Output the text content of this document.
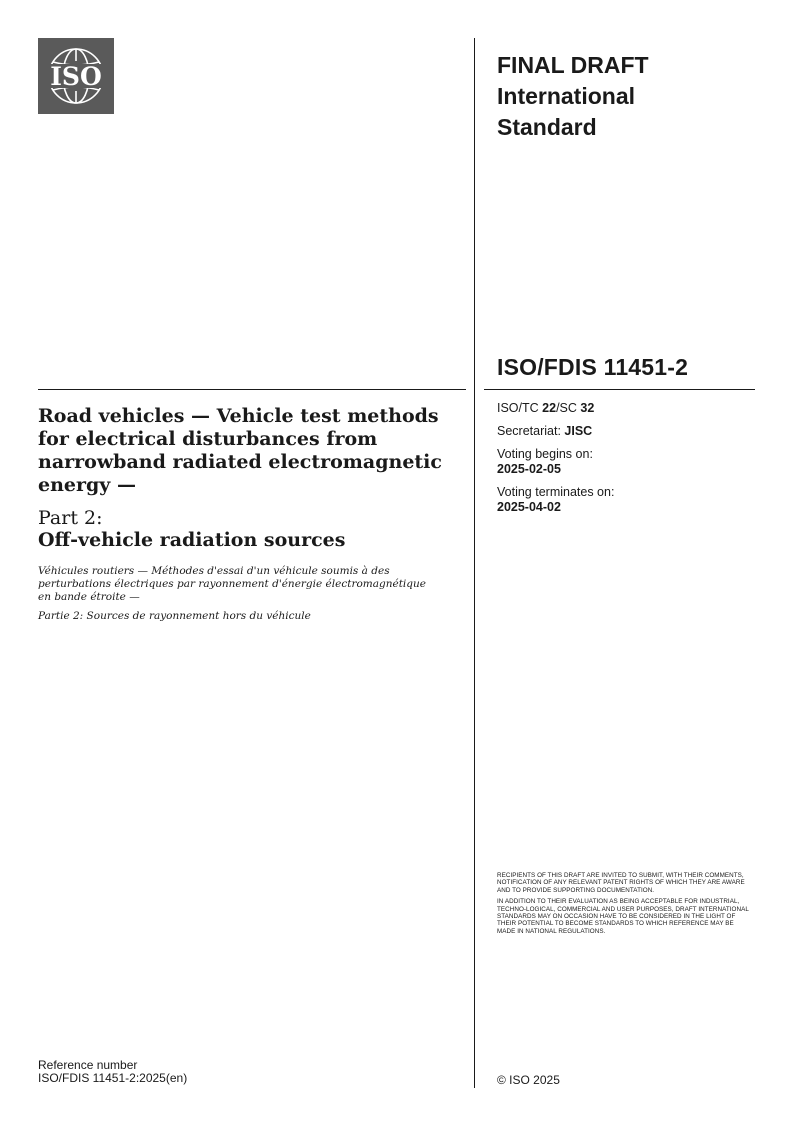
ISO	FINAL DRAFT
International
Standard
ISO/FDIS 11451-2
ISO/TC 22/SC 32
Secretariat: JISC
Voting begins on:
2025-02-05
Voting terminates on:
2025-04-02
Road vehicles — Vehicle test methods for electrical disturbances from narrowband radiated electromagnetic energy —
Part 2:
Off-vehicle radiation sources
Véhicules routiers — Méthodes d'essai d'un véhicule soumis à des perturbations électriques par rayonnement d'énergie électromagnétique en bande étroite —
Partie 2: Sources de rayonnement hors du véhicule

RECIPIENTS OF THIS DRAFT ARE INVITED TO SUBMIT, WITH THEIR COMMENTS, NOTIFICATION OF ANY RELEVANT PATENT RIGHTS OF WHICH THEY ARE AWARE AND TO PROVIDE SUPPORTING DOCUMENTATION.

IN ADDITION TO THEIR EVALUATION AS BEING ACCEPTABLE FOR INDUSTRIAL, TECHNO-LOGICAL, COMMERCIAL AND USER PURPOSES, DRAFT INTERNATIONAL STANDARDS MAY ON OCCASION HAVE TO BE CONSIDERED IN THE LIGHT OF THEIR POTENTIAL TO BECOME STANDARDS TO WHICH REFERENCE MAY BE MADE IN NATIONAL REGULATIONS.

Reference number
ISO/FDIS 11451-2:2025(en)	© ISO 2025
